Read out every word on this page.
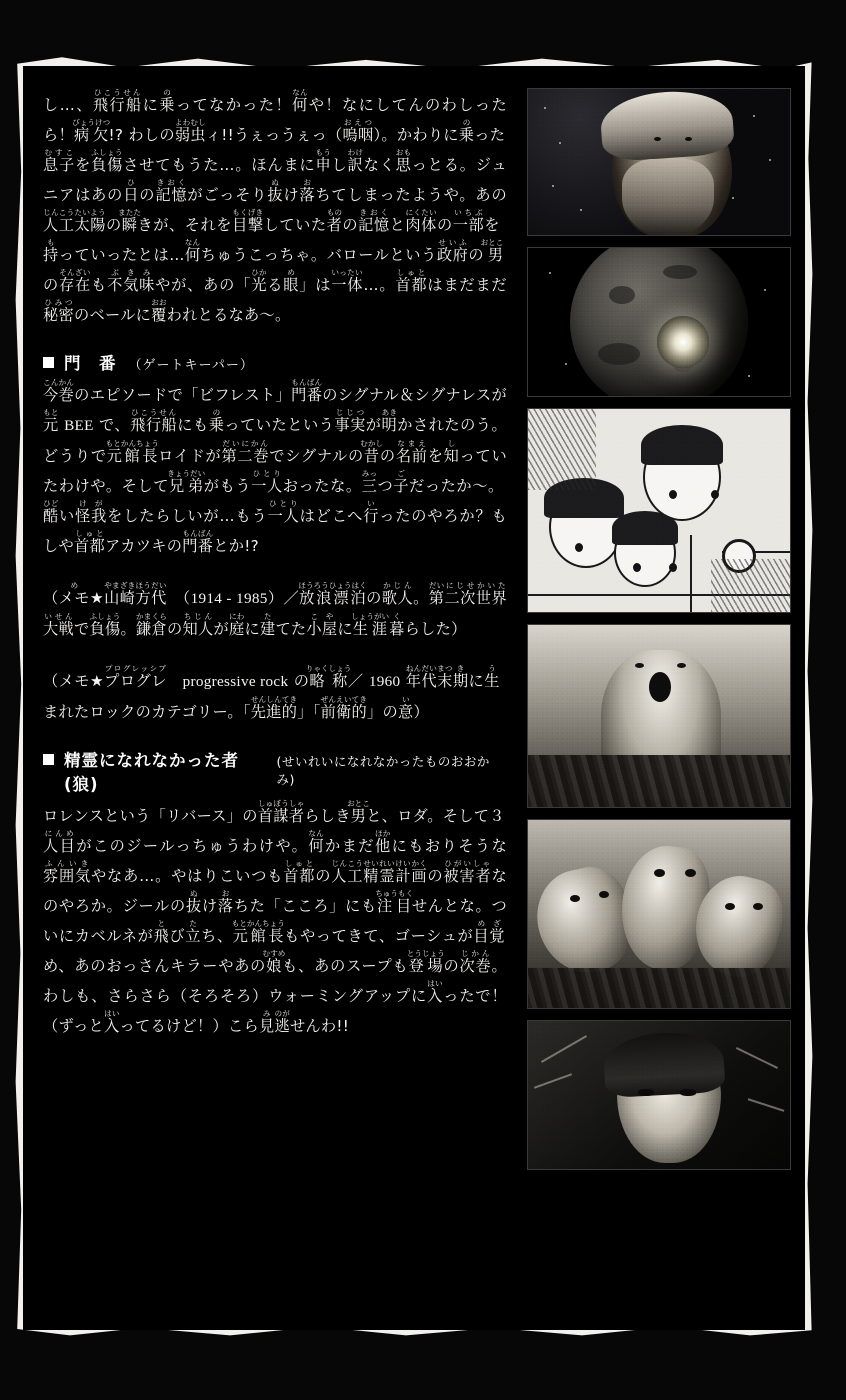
し…、飛行船ひこうせんに乗のってなかった！何なんや！なにしてんのわしったら！病欠びょうけつ!? わしの弱虫よわむしィ!!うぇっうぇっ（嗚咽おえつ）。かわりに乗のった息子むすこを負傷ふしょうさせてもうた…。ほんまに申もうし訳わけなく思おもっとる。ジュニアはあの日ひの記憶きおくがごっそり抜ぬけ落おちてしまったようや。あの人工太陽じんこうたいようの瞬またたきが、それを目撃もくげきしていた者ものの記憶きおくと肉体にくたいの一部いちぶを持もっていったとは…何なんちゅうこっちゃ。バロールという政府せいふの男おとこの存在そんざいも不気味ぶきみやが、あの「光ひかる眼め」は一体いったい…。首都しゅとはまだまだ秘密ひみつのベールに覆おおわれとるなあ～。

門　番 （ゲートキーパー）

今巻こんかんのエピソードで「ビフレスト」門番もんばんのシグナル＆シグナレスが元もと BEE で、飛行船ひこうせんにも乗のっていたという事実じじつが明あきかされたのう。どうりで元館長もとかんちょうロイドが第二巻だいにかんでシグナルの昔むかしの名前なまえを知しっていたわけや。そして兄弟きょうだいがもう一人ひとりおったな。三みっつ子ごだったか～。酷ひどい怪我けがをしたらしいが…もう一人ひとりはどこへ行いったのやろか？もしや首都しゅとアカツキの門番もんばんとか!?

（メモめ★山崎方代やまざきほうだい　（1914 - 1985）／放浪漂泊ほうろうひょうはくの歌人かじん。第だい二次世界大戦にじせかいたいせんで負傷ふしょう。鎌倉かまくらの知人ちじんが庭にわに建たてた小屋こやに生涯しょうがい暮くらした）

（メモ★プログレプログレッシブ　progressive rock の略称りゃくしょう／ 1960 年代末ねんだいまつ期きに生うまれたロックのカテゴリー。「先進的せんしんてき」「前衛的ぜんえいてき」の意い）

精霊になれなかった者(狼)
(せいれいになれなかったものおおかみ)

ロレンスという「リバース」の首謀者しゅぼうしゃらしき男おとこと、ロダ。そして３人目にんめがこのジールっちゅうわけや。何なんかまだ他ほかにもおりそうな雰囲気ふんいきやなあ…。やはりこいつも首都しゅとの人工精霊計じんこうせいれいけい画かくの被害者ひがいしゃなのやろか。ジールの抜ぬけ落おちた「こころ」にも注目ちゅうもくせんとな。ついにカベルネが飛とび立たち、元館長もとかんちょうもやってきて、ゴーシュが目覚めざめ、あのおっさんキラーやあの娘むすめも、あのスープも登場とうじょうの次巻じかん。わしも、さらさら（そろそろ）ウォーミングアップに入はいったで！（ずっと入はいってるけど！）こら見み逃のがせんわ!!
